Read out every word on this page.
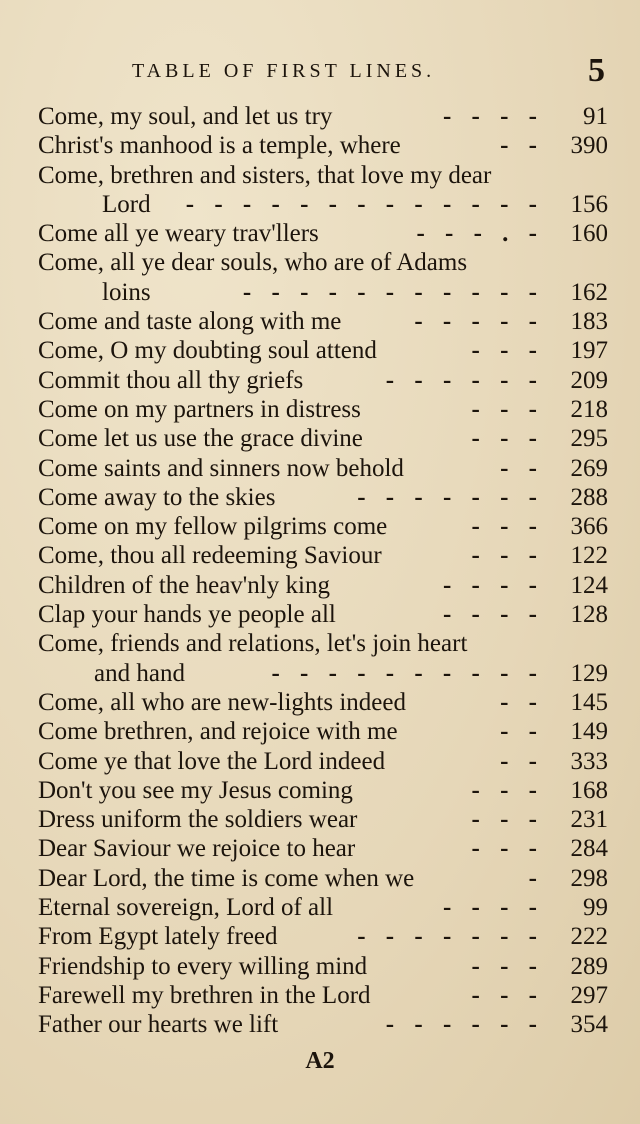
TABLE OF FIRST LINES.	5
Come, my soul, and let us try	- - - - 91
Christ's manhood is a temple, where	- - 390
Come, brethren and sisters, that love my dear
Lord - - - - - - - - - - - - - 156
Come all ye weary trav'llers	- - - . - 160
Come, all ye dear souls, who are of Adams
loins	- - - - - - - - - - - 162
Come and taste along with me	- - - - - 183
Come, O my doubting soul attend	- - - 197
Commit thou all thy griefs	- - - - - - 209
Come on my partners in distress	- - - 218
Come let us use the grace divine	- - - 295
Come saints and sinners now behold	- - 269
Come away to the skies	- - - - - - - 288
Come on my fellow pilgrims come	- - - 366
Come, thou all redeeming Saviour	- - - 122
Children of the heav'nly king	- - - - 124
Clap your hands ye people all	- - - - 128
Come, friends and relations, let's join heart
and hand	- - - - - - - - - - 129
Come, all who are new-lights indeed	- - 145
Come brethren, and rejoice with me	- - 149
Come ye that love the Lord indeed	- - 333
Don't you see my Jesus coming	- - - 168
Dress uniform the soldiers wear	- - - 231
Dear Saviour we rejoice to hear	- - - 284
Dear Lord, the time is come when we	- 298
Eternal sovereign, Lord of all	- - - - 99
From Egypt lately freed	- - - - - - - 222
Friendship to every willing mind	- - - 289
Farewell my brethren in the Lord	- - - 297
Father our hearts we lift	- - - - - - 354
A2
